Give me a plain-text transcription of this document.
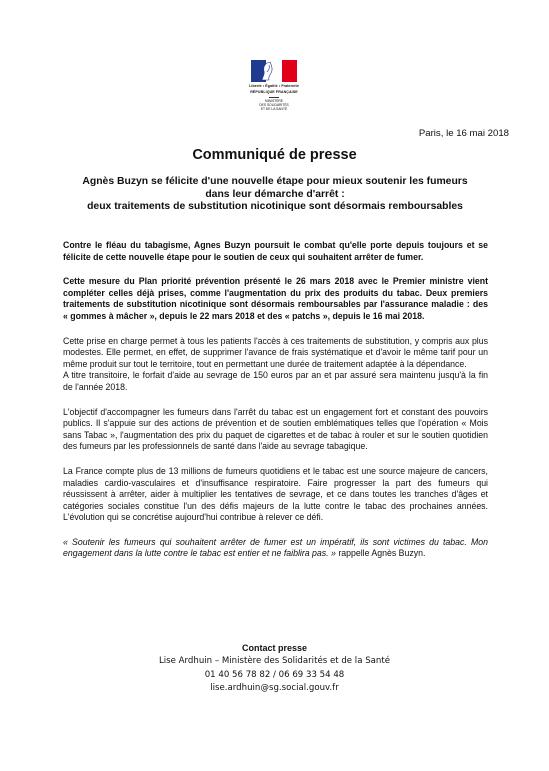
Liberté • Égalité • Fraternité
RÉPUBLIQUE FRANÇAISE
MINISTÈRE
DES SOLIDARITÉS
ET DE LA SANTÉ
Paris, le 16 mai 2018
Communiqué de presse
Agnès Buzyn se félicite d'une nouvelle étape pour mieux soutenir les fumeurs
dans leur démarche d'arrêt :
deux traitements de substitution nicotinique sont désormais remboursables

Contre le fléau du tabagisme, Agnes Buzyn poursuit le combat qu'elle porte depuis toujours et se félicite de cette nouvelle étape pour le soutien de ceux qui souhaitent arrêter de fumer.

Cette mesure du Plan priorité prévention présenté le 26 mars 2018 avec le Premier ministre vient compléter celles déjà prises, comme l'augmentation du prix des produits du tabac. Deux premiers traitements de substitution nicotinique sont désormais remboursables par l'assurance maladie : des « gommes à mâcher », depuis le 22 mars 2018 et des « patchs », depuis le 16 mai 2018.

Cette prise en charge permet à tous les patients l'accès à ces traitements de substitution, y compris aux plus modestes. Elle permet, en effet, de supprimer l'avance de frais systématique et d'avoir le même tarif pour un même produit sur tout le territoire, tout en permettant une durée de traitement adaptée à la dépendance.
A titre transitoire, le forfait d'aide au sevrage de 150 euros par an et par assuré sera maintenu jusqu'à la fin de l'année 2018.

L'objectif d'accompagner les fumeurs dans l'arrêt du tabac est un engagement fort et constant des pouvoirs publics. Il s'appuie sur des actions de prévention et de soutien emblématiques telles que l'opération « Mois sans Tabac », l'augmentation des prix du paquet de cigarettes et de tabac à rouler et sur le soutien quotidien des fumeurs par les professionnels de santé dans l'aide au sevrage tabagique.

La France compte plus de 13 millions de fumeurs quotidiens et le tabac est une source majeure de cancers, maladies cardio-vasculaires et d'insuffisance respiratoire. Faire progresser la part des fumeurs qui réussissent à arrêter, aider à multiplier les tentatives de sevrage, et ce dans toutes les tranches d'âges et catégories sociales constitue l'un des défis majeurs de la lutte contre le tabac des prochaines années. L'évolution qui se concrétise aujourd'hui contribue à relever ce défi.

« Soutenir les fumeurs qui souhaitent arrêter de fumer est un impératif, ils sont victimes du tabac. Mon engagement dans la lutte contre le tabac est entier et ne faiblira pas. » rappelle Agnès Buzyn.

Contact presse
Lise Ardhuin – Ministère des Solidarités et de la Santé
01 40 56 78 82 / 06 69 33 54 48
lise.ardhuin@sg.social.gouv.fr
